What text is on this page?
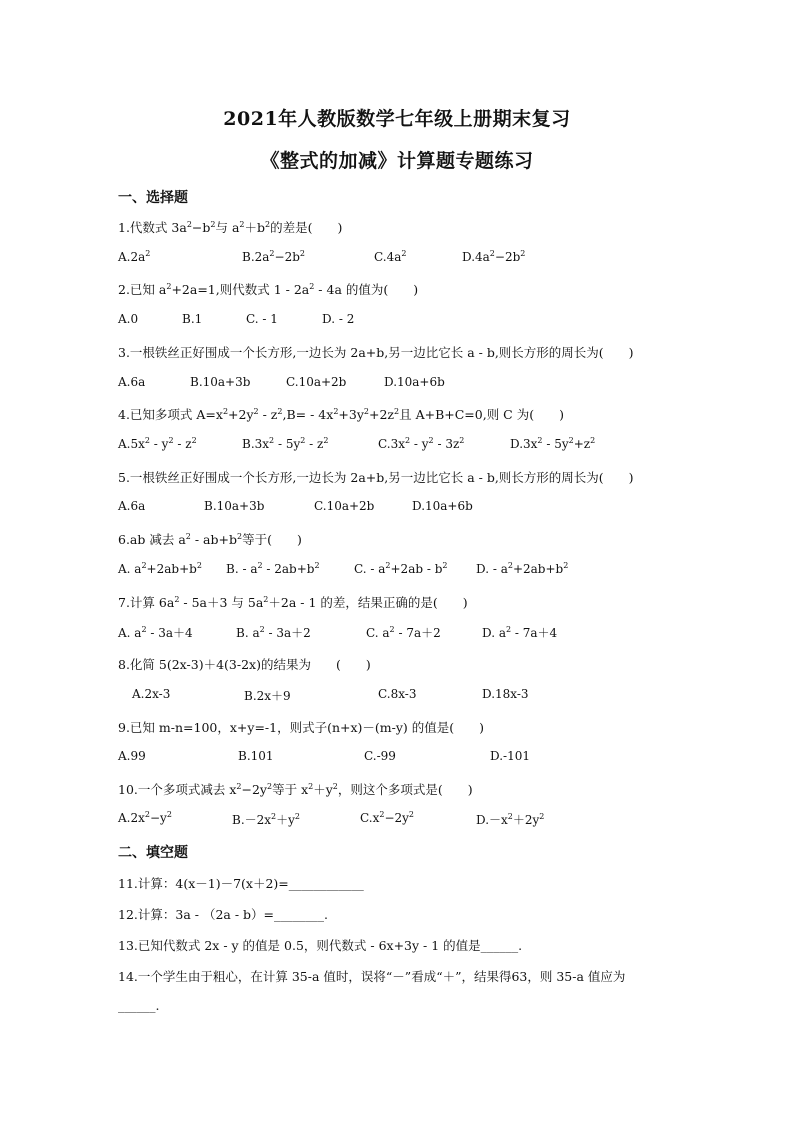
2021年人教版数学七年级上册期末复习
《整式的加减》计算题专题练习
一、选择题
1.代数式 $3a^2-b^2$与 $a^2+b^2$的差是(　　)
$A.2a^2$	$B.2a^2-2b^2$	$C.4a^2$	$D.4a^2-2b^2$
2.已知 $a^2+2a=1$,则代数式 $1 - 2a^2 - 4a$ 的值为(　　)
A.0	B.1	C. - 1	D. - 2
3.一根铁丝正好围成一个长方形,一边长为 2a+b,另一边比它长 a - b,则长方形的周长为(　　)
A.6a	B.10a+3b	C.10a+2b	D.10a+6b
4.已知多项式 $A=x^2+2y^2 - z^2,B= - 4x^2+3y^2+2z^2$且 A+B+C=0,则 C 为(　　)
$A.5x^2 - y^2 - z^2$	$B.3x^2 - 5y^2 - z^2$	$C.3x^2 - y^2 - 3z^2$	$D.3x^2 - 5y^2+z^2$
5.一根铁丝正好围成一个长方形,一边长为 2a+b,另一边比它长 a - b,则长方形的周长为(　　)
A.6a	B.10a+3b	C.10a+2b	D.10a+6b
6.ab 减去 $a^2 - ab+b^2$等于(　　)
A. $a^2+2ab+b^2$ B. - $a^2 - 2ab+b^2$	C. - $a^2+2ab - b^2$ D. - $a^2+2ab+b^2$
7.计算 $6a^2 - 5a+3$ 与 $5a^2+2a - 1$ 的差，结果正确的是(　　)
A. $a^2 - 3a+4$	B. $a^2 - 3a+2$	C. $a^2 - 7a+2$	D. $a^2 - 7a+4$
8.化简 5(2x-3)＋4(3-2x)的结果为　　(　　)
A.2x-3	B.2x＋9	C.8x-3	D.18x-3
9.已知 m-n=100，x+y=-1，则式子(n+x)－(m-y) 的值是(　　)
A.99	B.101	C.-99	D.-101
10.一个多项式减去 $x^2-2y^2$等于 $x^2+y^2$，则这个多项式是(　　)
$A.2x^2-y^2$	$B.-2x^2+y^2$	$C.x^2-2y^2$	$D.-x^2+2y^2$
二、填空题
11.计算：4(x－1)－7(x＋2)=____________
12.计算：3a - （2a - b）=________.
13.已知代数式 2x - y 的值是 0.5，则代数式 - 6x+3y - 1 的值是______.
14.一个学生由于粗心，在计算 35-a 值时，误将“－”看成“＋”，结果得63，则 35-a 值应为
______.
